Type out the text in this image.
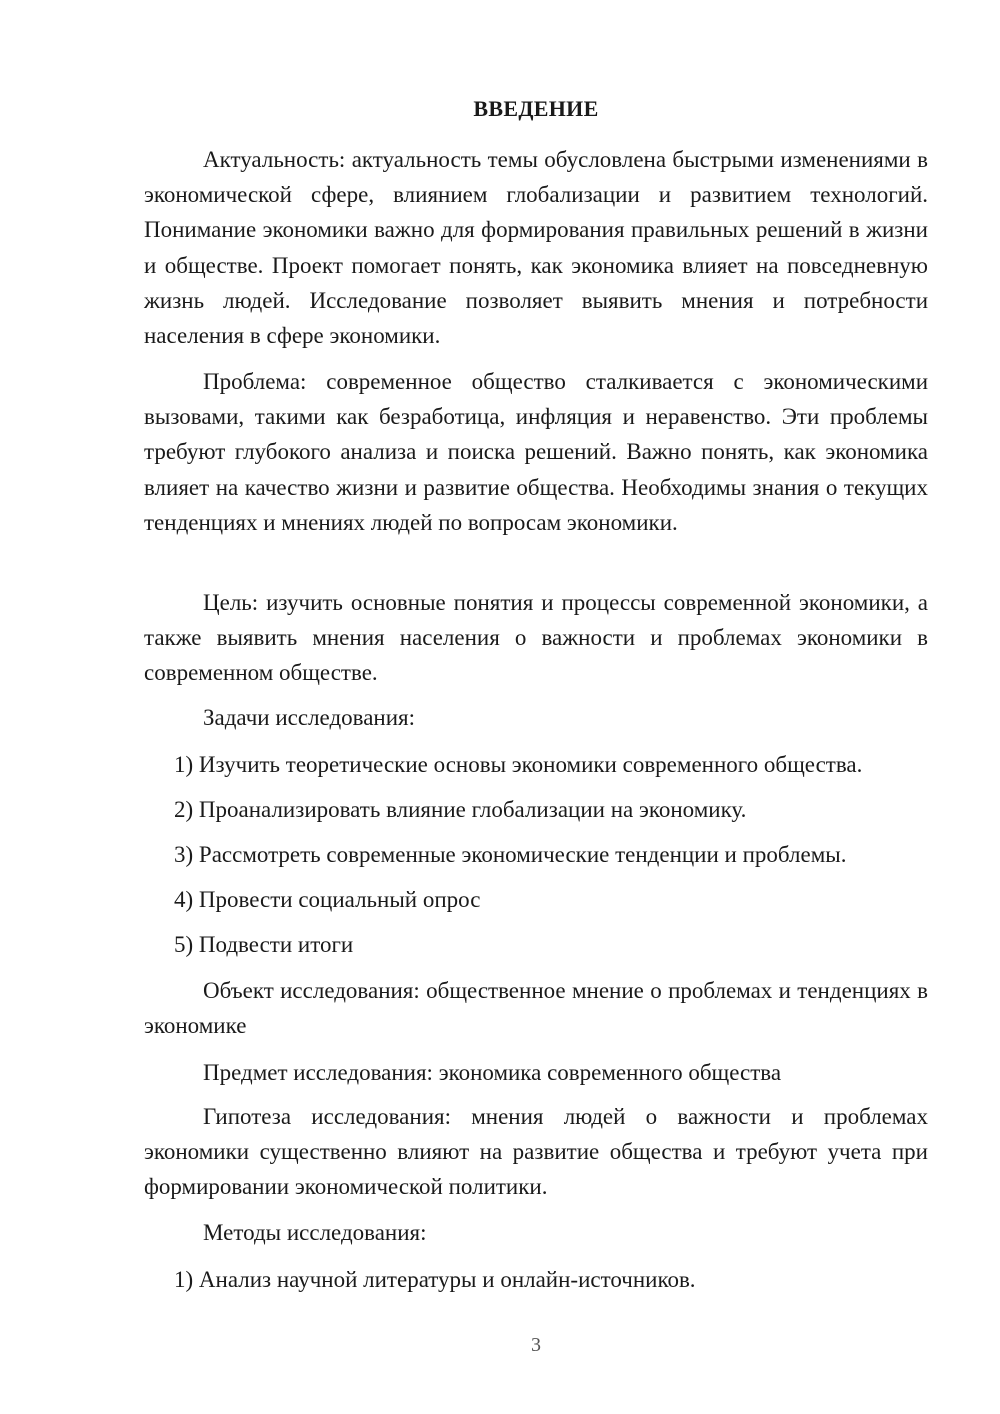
ВВЕДЕНИЕ

Актуальность: актуальность темы обусловлена быстрыми изменениями в экономической сфере, влиянием глобализации и развитием технологий. Понимание экономики важно для формирования правильных решений в жизни и обществе. Проект помогает понять, как экономика влияет на повседневную жизнь людей. Исследование позволяет выявить мнения и потребности населения в сфере экономики.

Проблема: современное общество сталкивается с экономическими вызовами, такими как безработица, инфляция и неравенство. Эти проблемы требуют глубокого анализа и поиска решений. Важно понять, как экономика влияет на качество жизни и развитие общества. Необходимы знания о текущих тенденциях и мнениях людей по вопросам экономики.

Цель: изучить основные понятия и процессы современной экономики, а также выявить мнения населения о важности и проблемах экономики в современном обществе.

Задачи исследования:

1) Изучить теоретические основы экономики современного общества.

2) Проанализировать влияние глобализации на экономику.

3) Рассмотреть современные экономические тенденции и проблемы.

4) Провести социальный опрос

5) Подвести итоги

Объект исследования: общественное мнение о проблемах и тенденциях в экономике

Предмет исследования: экономика современного общества

Гипотеза исследования: мнения людей о важности и проблемах экономики существенно влияют на развитие общества и требуют учета при формировании экономической политики.

Методы исследования:

1) Анализ научной литературы и онлайн-источников.

3
